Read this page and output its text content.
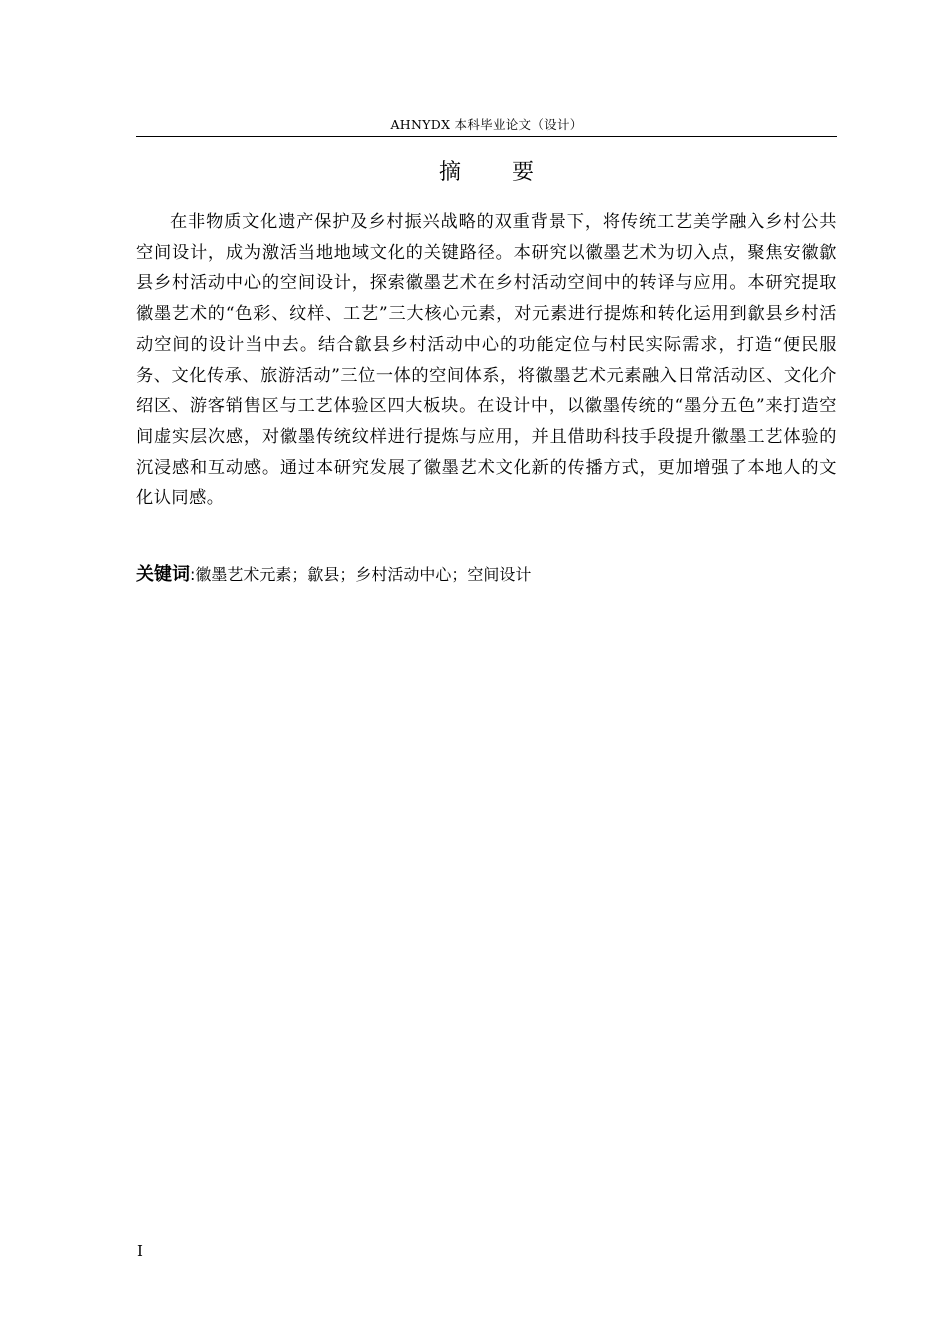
AHNYDX 本科毕业论文（设计）
摘 要

在非物质文化遗产保护及乡村振兴战略的双重背景下，将传统工艺美学融入乡村公共空间设计，成为激活当地地域文化的关键路径。本研究以徽墨艺术为切入点，聚焦安徽歙县乡村活动中心的空间设计，探索徽墨艺术在乡村活动空间中的转译与应用。本研究提取徽墨艺术的“色彩、纹样、工艺”三大核心元素，对元素进行提炼和转化运用到歙县乡村活动空间的设计当中去。结合歙县乡村活动中心的功能定位与村民实际需求，打造“便民服务、文化传承、旅游活动”三位一体的空间体系，将徽墨艺术元素融入日常活动区、文化介绍区、游客销售区与工艺体验区四大板块。在设计中，以徽墨传统的“墨分五色”来打造空间虚实层次感，对徽墨传统纹样进行提炼与应用，并且借助科技手段提升徽墨工艺体验的沉浸感和互动感。通过本研究发展了徽墨艺术文化新的传播方式，更加增强了本地人的文化认同感。

关键词:徽墨艺术元素；歙县；乡村活动中心；空间设计

I
